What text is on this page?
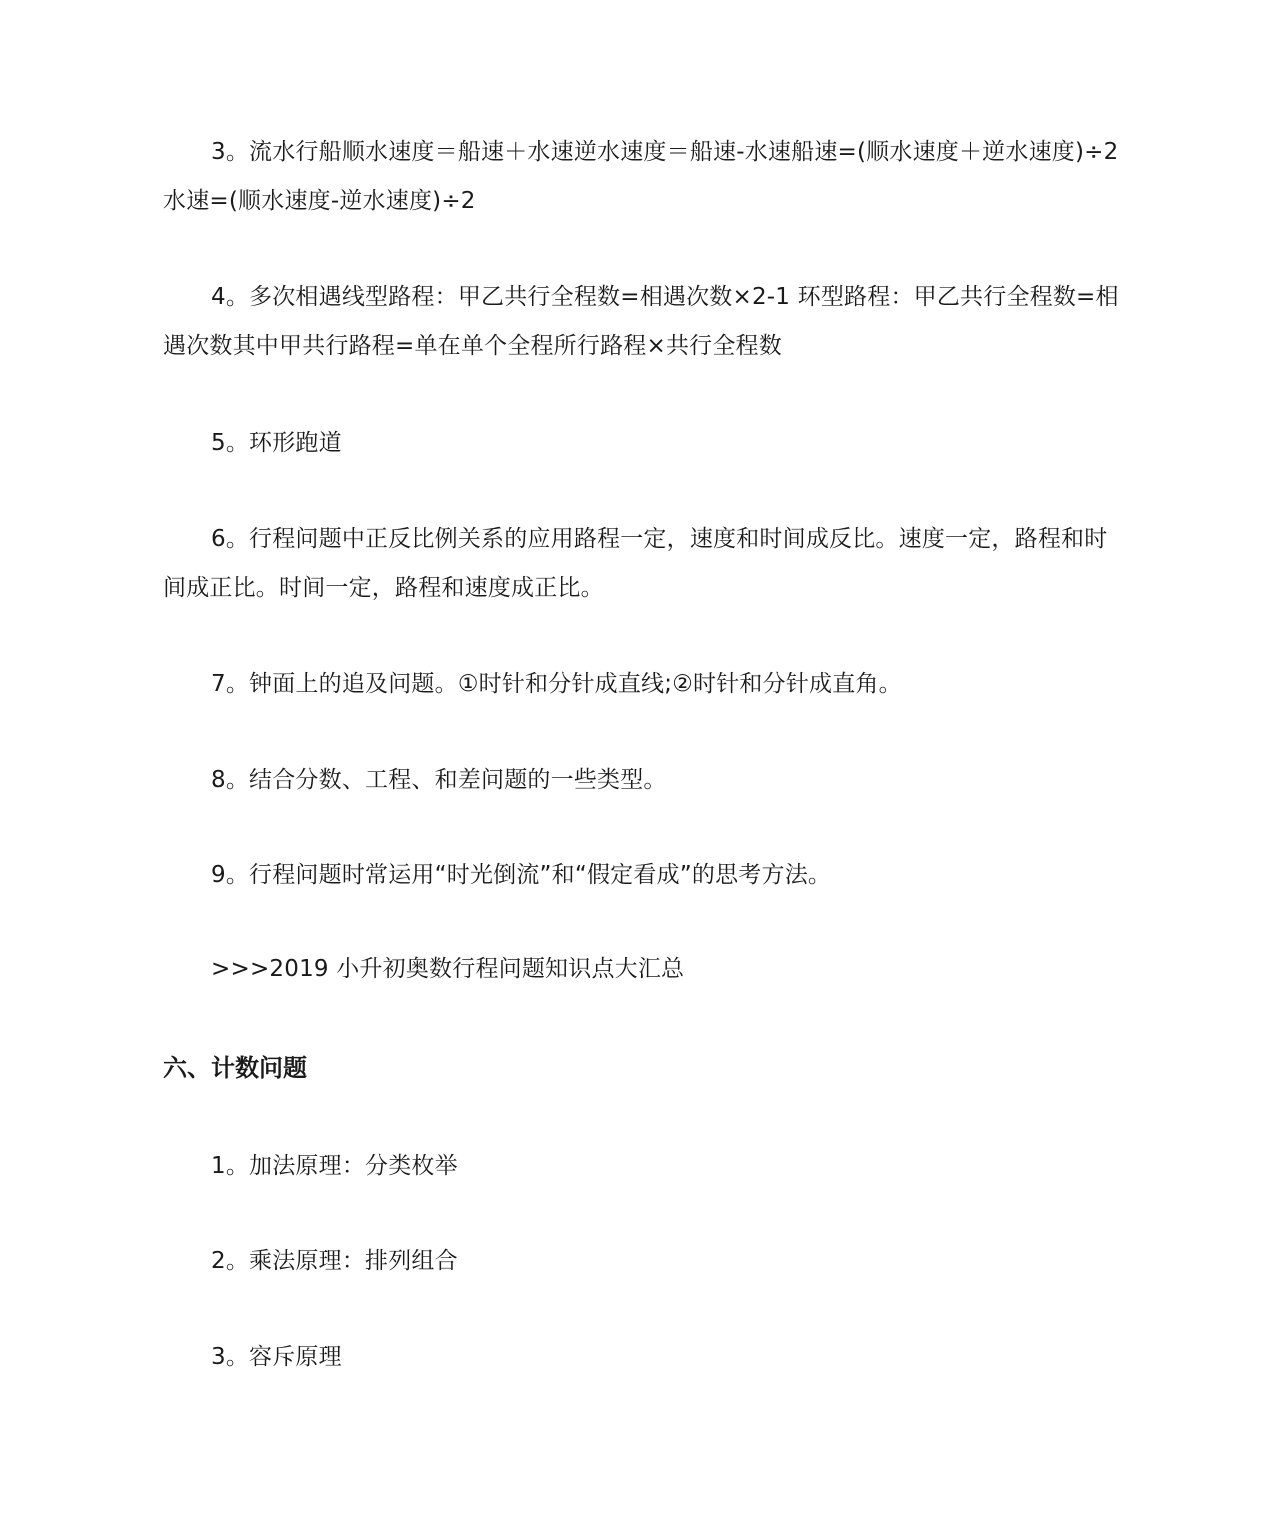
3。流水行船顺水速度＝船速＋水速逆水速度＝船速-水速船速=(顺水速度＋逆水速度)÷2 水速=(顺水速度-逆水速度)÷2

4。多次相遇线型路程：甲乙共行全程数=相遇次数×2-1 环型路程：甲乙共行全程数=相遇次数其中甲共行路程=单在单个全程所行路程×共行全程数

5。环形跑道

6。行程问题中正反比例关系的应用路程一定，速度和时间成反比。速度一定，路程和时间成正比。时间一定，路程和速度成正比。

7。钟面上的追及问题。①时针和分针成直线;②时针和分针成直角。

8。结合分数、工程、和差问题的一些类型。

9。行程问题时常运用“时光倒流”和“假定看成”的思考方法。

>>>2019 小升初奥数行程问题知识点大汇总

六、计数问题

1。加法原理：分类枚举

2。乘法原理：排列组合

3。容斥原理
